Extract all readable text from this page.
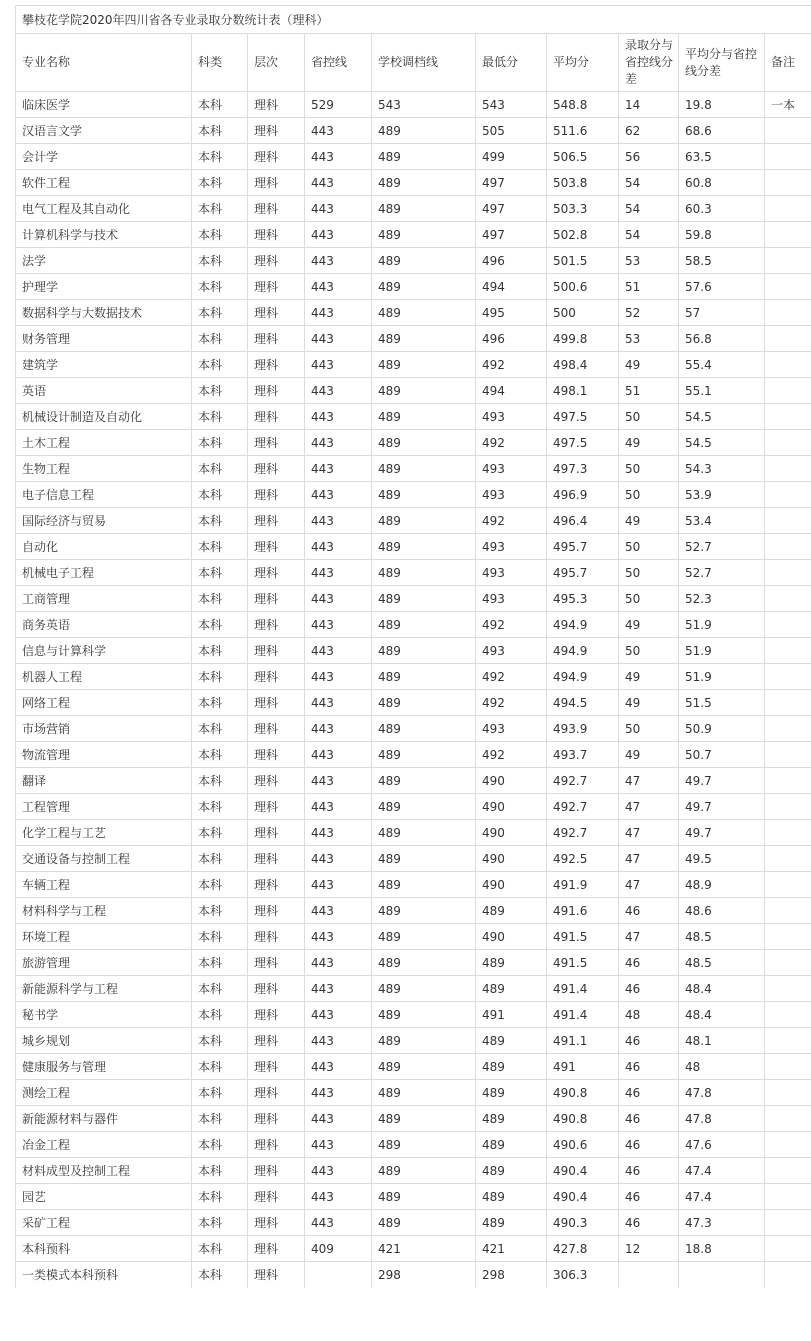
攀枝花学院2020年四川省各专业录取分数统计表（理科）
专业名称	科类	层次	省控线	学校调档线	最低分	平均分	录取分与省控线分差	平均分与省控线分差	备注
临床医学	本科	理科	529	543	543	548.8	14	19.8	一本
汉语言文学	本科	理科	443	489	505	511.6	62	68.6	
会计学	本科	理科	443	489	499	506.5	56	63.5	
软件工程	本科	理科	443	489	497	503.8	54	60.8	
电气工程及其自动化	本科	理科	443	489	497	503.3	54	60.3	
计算机科学与技术	本科	理科	443	489	497	502.8	54	59.8	
法学	本科	理科	443	489	496	501.5	53	58.5	
护理学	本科	理科	443	489	494	500.6	51	57.6	
数据科学与大数据技术	本科	理科	443	489	495	500	52	57	
财务管理	本科	理科	443	489	496	499.8	53	56.8	
建筑学	本科	理科	443	489	492	498.4	49	55.4	
英语	本科	理科	443	489	494	498.1	51	55.1	
机械设计制造及自动化	本科	理科	443	489	493	497.5	50	54.5	
土木工程	本科	理科	443	489	492	497.5	49	54.5	
生物工程	本科	理科	443	489	493	497.3	50	54.3	
电子信息工程	本科	理科	443	489	493	496.9	50	53.9	
国际经济与贸易	本科	理科	443	489	492	496.4	49	53.4	
自动化	本科	理科	443	489	493	495.7	50	52.7	
机械电子工程	本科	理科	443	489	493	495.7	50	52.7	
工商管理	本科	理科	443	489	493	495.3	50	52.3	
商务英语	本科	理科	443	489	492	494.9	49	51.9	
信息与计算科学	本科	理科	443	489	493	494.9	50	51.9	
机器人工程	本科	理科	443	489	492	494.9	49	51.9	
网络工程	本科	理科	443	489	492	494.5	49	51.5	
市场营销	本科	理科	443	489	493	493.9	50	50.9	
物流管理	本科	理科	443	489	492	493.7	49	50.7	
翻译	本科	理科	443	489	490	492.7	47	49.7	
工程管理	本科	理科	443	489	490	492.7	47	49.7	
化学工程与工艺	本科	理科	443	489	490	492.7	47	49.7	
交通设备与控制工程	本科	理科	443	489	490	492.5	47	49.5	
车辆工程	本科	理科	443	489	490	491.9	47	48.9	
材料科学与工程	本科	理科	443	489	489	491.6	46	48.6	
环境工程	本科	理科	443	489	490	491.5	47	48.5	
旅游管理	本科	理科	443	489	489	491.5	46	48.5	
新能源科学与工程	本科	理科	443	489	489	491.4	46	48.4	
秘书学	本科	理科	443	489	491	491.4	48	48.4	
城乡规划	本科	理科	443	489	489	491.1	46	48.1	
健康服务与管理	本科	理科	443	489	489	491	46	48	
测绘工程	本科	理科	443	489	489	490.8	46	47.8	
新能源材料与器件	本科	理科	443	489	489	490.8	46	47.8	
冶金工程	本科	理科	443	489	489	490.6	46	47.6	
材料成型及控制工程	本科	理科	443	489	489	490.4	46	47.4	
园艺	本科	理科	443	489	489	490.4	46	47.4	
采矿工程	本科	理科	443	489	489	490.3	46	47.3	
本科预科	本科	理科	409	421	421	427.8	12	18.8	
一类模式本科预科	本科	理科		298	298	306.3			
